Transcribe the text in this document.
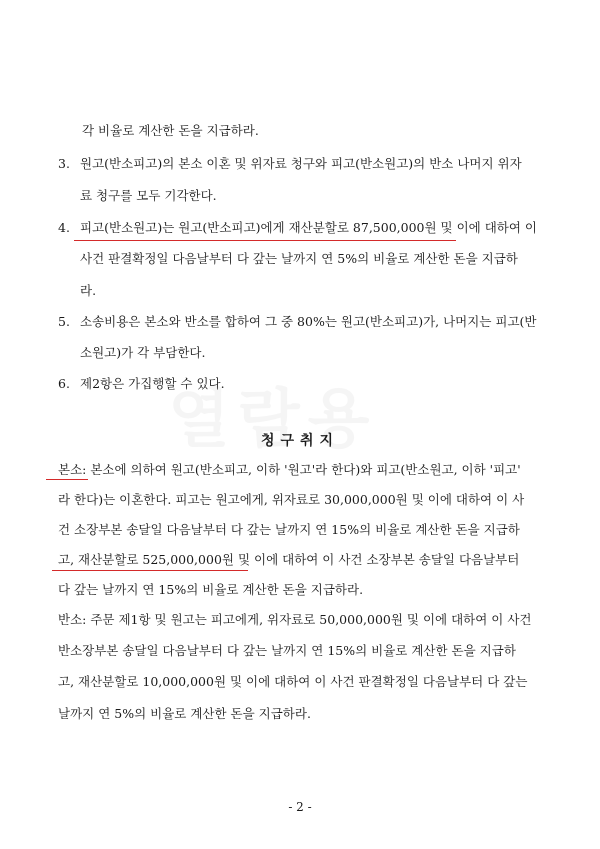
각 비율로 계산한 돈을 지급하라.
3. 원고(반소피고)의 본소 이혼 및 위자료 청구와 피고(반소원고)의 반소 나머지 위자
료 청구를 모두 기각한다.
4. 피고(반소원고)는 원고(반소피고)에게 재산분할로 87,500,000원 및 이에 대하여 이
사건 판결확정일 다음날부터 다 갚는 날까지 연 5%의 비율로 계산한 돈을 지급하
라.
5. 소송비용은 본소와 반소를 합하여 그 중 80%는 원고(반소피고)가, 나머지는 피고(반
소원고)가 각 부담한다.
6. 제2항은 가집행할 수 있다.
청구취지
본소: 본소에 의하여 원고(반소피고, 이하 '원고'라 한다)와 피고(반소원고, 이하 '피고'
라 한다)는 이혼한다. 피고는 원고에게, 위자료로 30,000,000원 및 이에 대하여 이 사
건 소장부본 송달일 다음날부터 다 갚는 날까지 연 15%의 비율로 계산한 돈을 지급하
고, 재산분할로 525,000,000원 및 이에 대하여 이 사건 소장부본 송달일 다음날부터
다 갚는 날까지 연 15%의 비율로 계산한 돈을 지급하라.
반소: 주문 제1항 및 원고는 피고에게, 위자료로 50,000,000원 및 이에 대하여 이 사건
반소장부본 송달일 다음날부터 다 갚는 날까지 연 15%의 비율로 계산한 돈을 지급하
고, 재산분할로 10,000,000원 및 이에 대하여 이 사건 판결확정일 다음날부터 다 갚는
날까지 연 5%의 비율로 계산한 돈을 지급하라.
- 2 -
